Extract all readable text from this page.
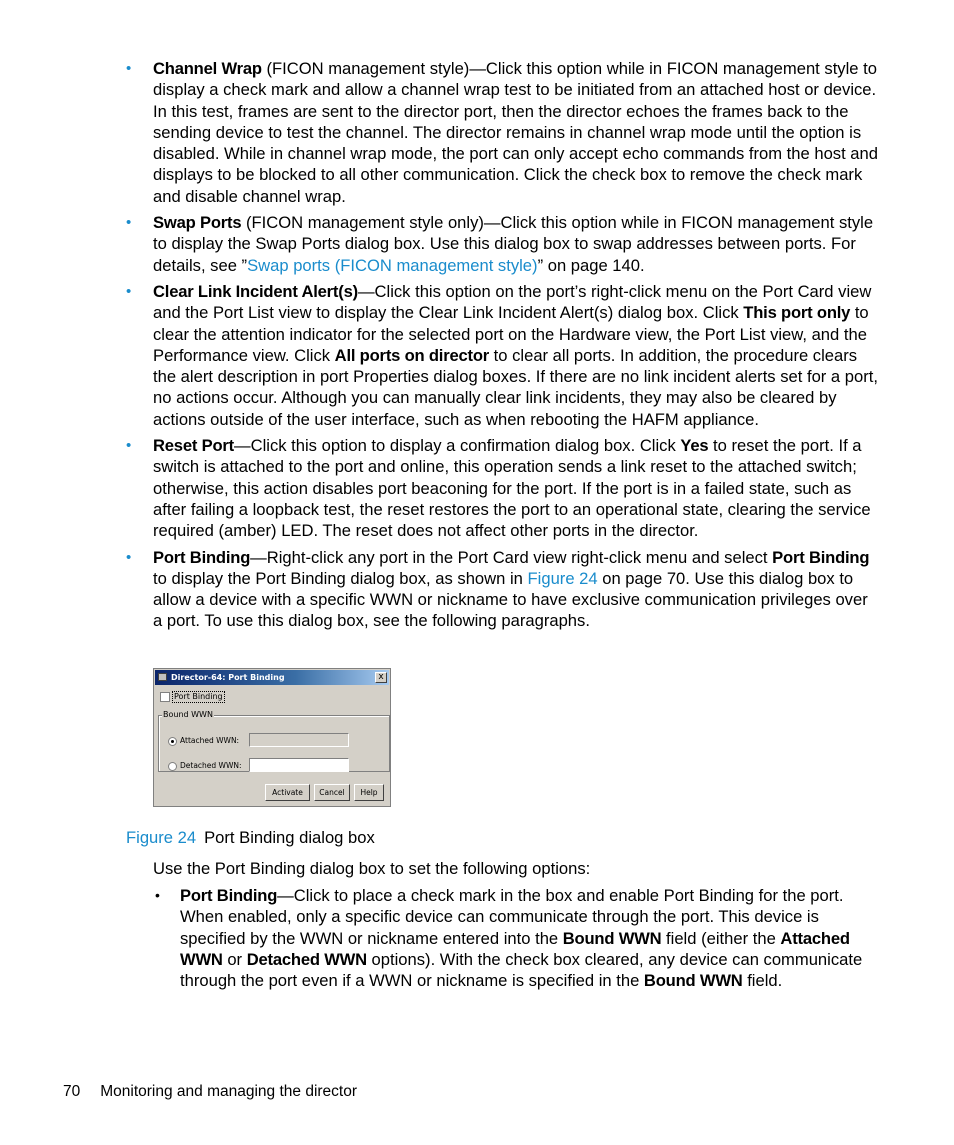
• Channel Wrap (FICON management style)—Click this option while in FICON management style to display a check mark and allow a channel wrap test to be initiated from an attached host or device. In this test, frames are sent to the director port, then the director echoes the frames back to the sending device to test the channel. The director remains in channel wrap mode until the option is disabled. While in channel wrap mode, the port can only accept echo commands from the host and displays to be blocked to all other communication. Click the check box to remove the check mark and disable channel wrap.
• Swap Ports (FICON management style only)—Click this option while in FICON management style to display the Swap Ports dialog box. Use this dialog box to swap addresses between ports. For details, see ”Swap ports (FICON management style)” on page 140.
• Clear Link Incident Alert(s)—Click this option on the port’s right-click menu on the Port Card view and the Port List view to display the Clear Link Incident Alert(s) dialog box. Click This port only to clear the attention indicator for the selected port on the Hardware view, the Port List view, and the Performance view. Click All ports on director to clear all ports. In addition, the procedure clears the alert description in port Properties dialog boxes. If there are no link incident alerts set for a port, no actions occur. Although you can manually clear link incidents, they may also be cleared by actions outside of the user interface, such as when rebooting the HAFM appliance.
• Reset Port—Click this option to display a confirmation dialog box. Click Yes to reset the port. If a switch is attached to the port and online, this operation sends a link reset to the attached switch; otherwise, this action disables port beaconing for the port. If the port is in a failed state, such as after failing a loopback test, the reset restores the port to an operational state, clearing the service required (amber) LED. The reset does not affect other ports in the director.
• Port Binding—Right-click any port in the Port Card view right-click menu and select Port Binding to display the Port Binding dialog box, as shown in Figure 24 on page 70. Use this dialog box to allow a device with a specific WWN or nickname to have exclusive communication privileges over a port. To use this dialog box, see the following paragraphs.
Director-64: Port Binding	x
Port Binding
Bound WWN
Attached WWN:
Detached WWN:
Activate	Cancel	Help
Figure 24 Port Binding dialog box
Use the Port Binding dialog box to set the following options:
• Port Binding—Click to place a check mark in the box and enable Port Binding for the port. When enabled, only a specific device can communicate through the port. This device is specified by the WWN or nickname entered into the Bound WWN field (either the Attached WWN or Detached WWN options). With the check box cleared, any device can communicate through the port even if a WWN or nickname is specified in the Bound WWN field.
70 Monitoring and managing the director
